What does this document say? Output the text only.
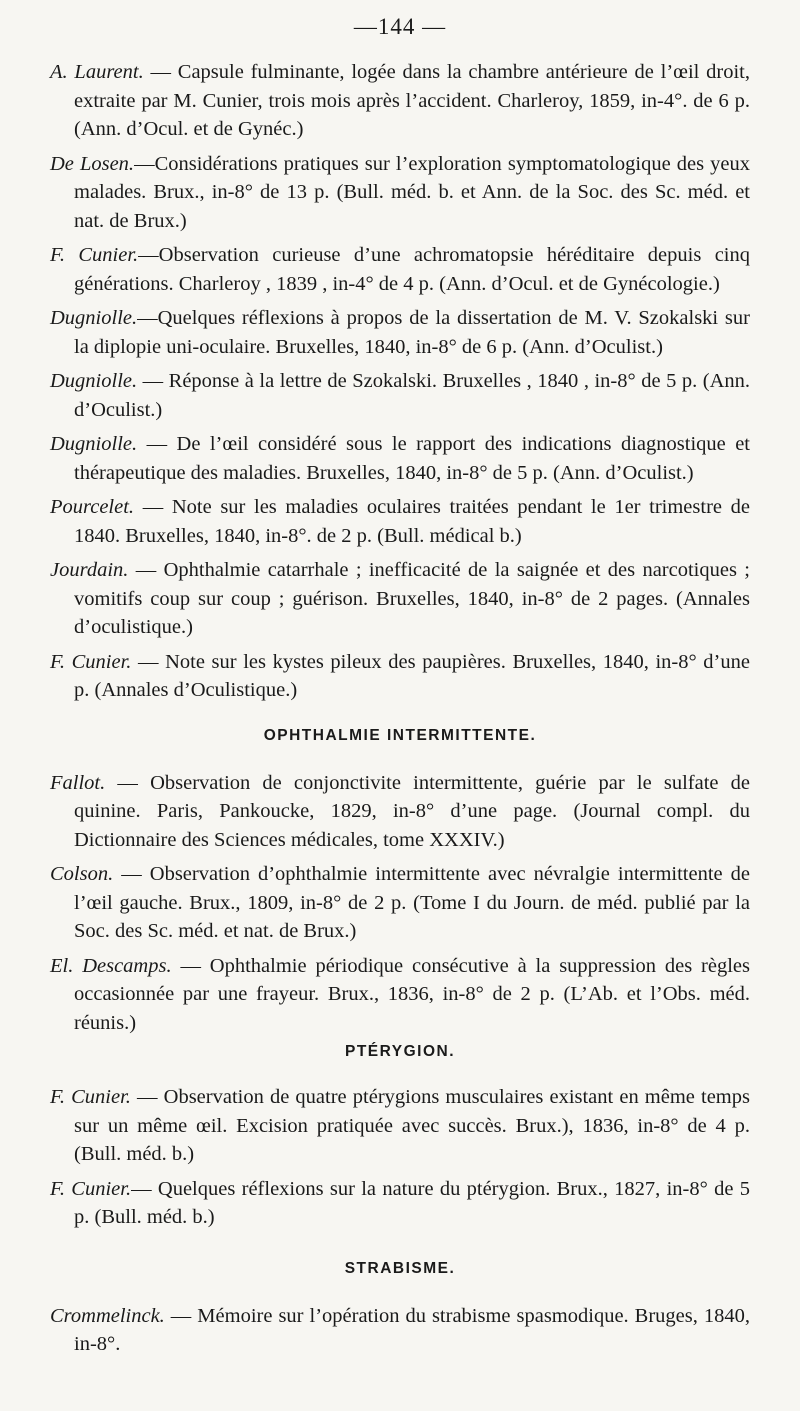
—144 —

A. Laurent. — Capsule fulminante, logée dans la chambre antérieure de l’œil droit, extraite par M. Cunier, trois mois après l’accident. Charleroy, 1859, in-4°. de 6 p. (Ann. d’Ocul. et de Gynéc.)

De Losen.—Considérations pratiques sur l’exploration symptomatologique des yeux malades. Brux., in-8° de 13 p. (Bull. méd. b. et Ann. de la Soc. des Sc. méd. et nat. de Brux.)

F. Cunier.—Observation curieuse d’une achromatopsie héréditaire depuis cinq générations. Charleroy , 1839 , in-4° de 4 p. (Ann. d’Ocul. et de Gynécologie.)

Dugniolle.—Quelques réflexions à propos de la dissertation de M. V. Szokalski sur la diplopie uni-oculaire. Bruxelles, 1840, in-8° de 6 p. (Ann. d’Oculist.)

Dugniolle. — Réponse à la lettre de Szokalski. Bruxelles , 1840 , in-8° de 5 p. (Ann. d’Oculist.)

Dugniolle. — De l’œil considéré sous le rapport des indications diagnostique et thérapeutique des maladies. Bruxelles, 1840, in-8° de 5 p. (Ann. d’Oculist.)

Pourcelet. — Note sur les maladies oculaires traitées pendant le 1er trimestre de 1840. Bruxelles, 1840, in-8°. de 2 p. (Bull. médical b.)

Jourdain. — Ophthalmie catarrhale ; inefficacité de la saignée et des narcotiques ; vomitifs coup sur coup ; guérison. Bruxelles, 1840, in-8° de 2 pages. (Annales d’oculistique.)

F. Cunier. — Note sur les kystes pileux des paupières. Bruxelles, 1840, in-8° d’une p. (Annales d’Oculistique.)

OPHTHALMIE INTERMITTENTE.

Fallot. — Observation de conjonctivite intermittente, guérie par le sulfate de quinine. Paris, Pankoucke, 1829, in-8° d’une page. (Journal compl. du Dictionnaire des Sciences médicales, tome XXXIV.)

Colson. — Observation d’ophthalmie intermittente avec névralgie intermittente de l’œil gauche. Brux., 1809, in-8° de 2 p. (Tome I du Journ. de méd. publié par la Soc. des Sc. méd. et nat. de Brux.)

El. Descamps. — Ophthalmie périodique consécutive à la suppression des règles occasionnée par une frayeur. Brux., 1836, in-8° de 2 p. (L’Ab. et l’Obs. méd. réunis.)

PTÉRYGION.

F. Cunier. — Observation de quatre ptérygions musculaires existant en même temps sur un même œil. Excision pratiquée avec succès. Brux.), 1836, in-8° de 4 p. (Bull. méd. b.)

F. Cunier.— Quelques réflexions sur la nature du ptérygion. Brux., 1827, in-8° de 5 p. (Bull. méd. b.)

STRABISME.

Crommelinck. — Mémoire sur l’opération du strabisme spasmodique. Bruges, 1840, in-8°.
